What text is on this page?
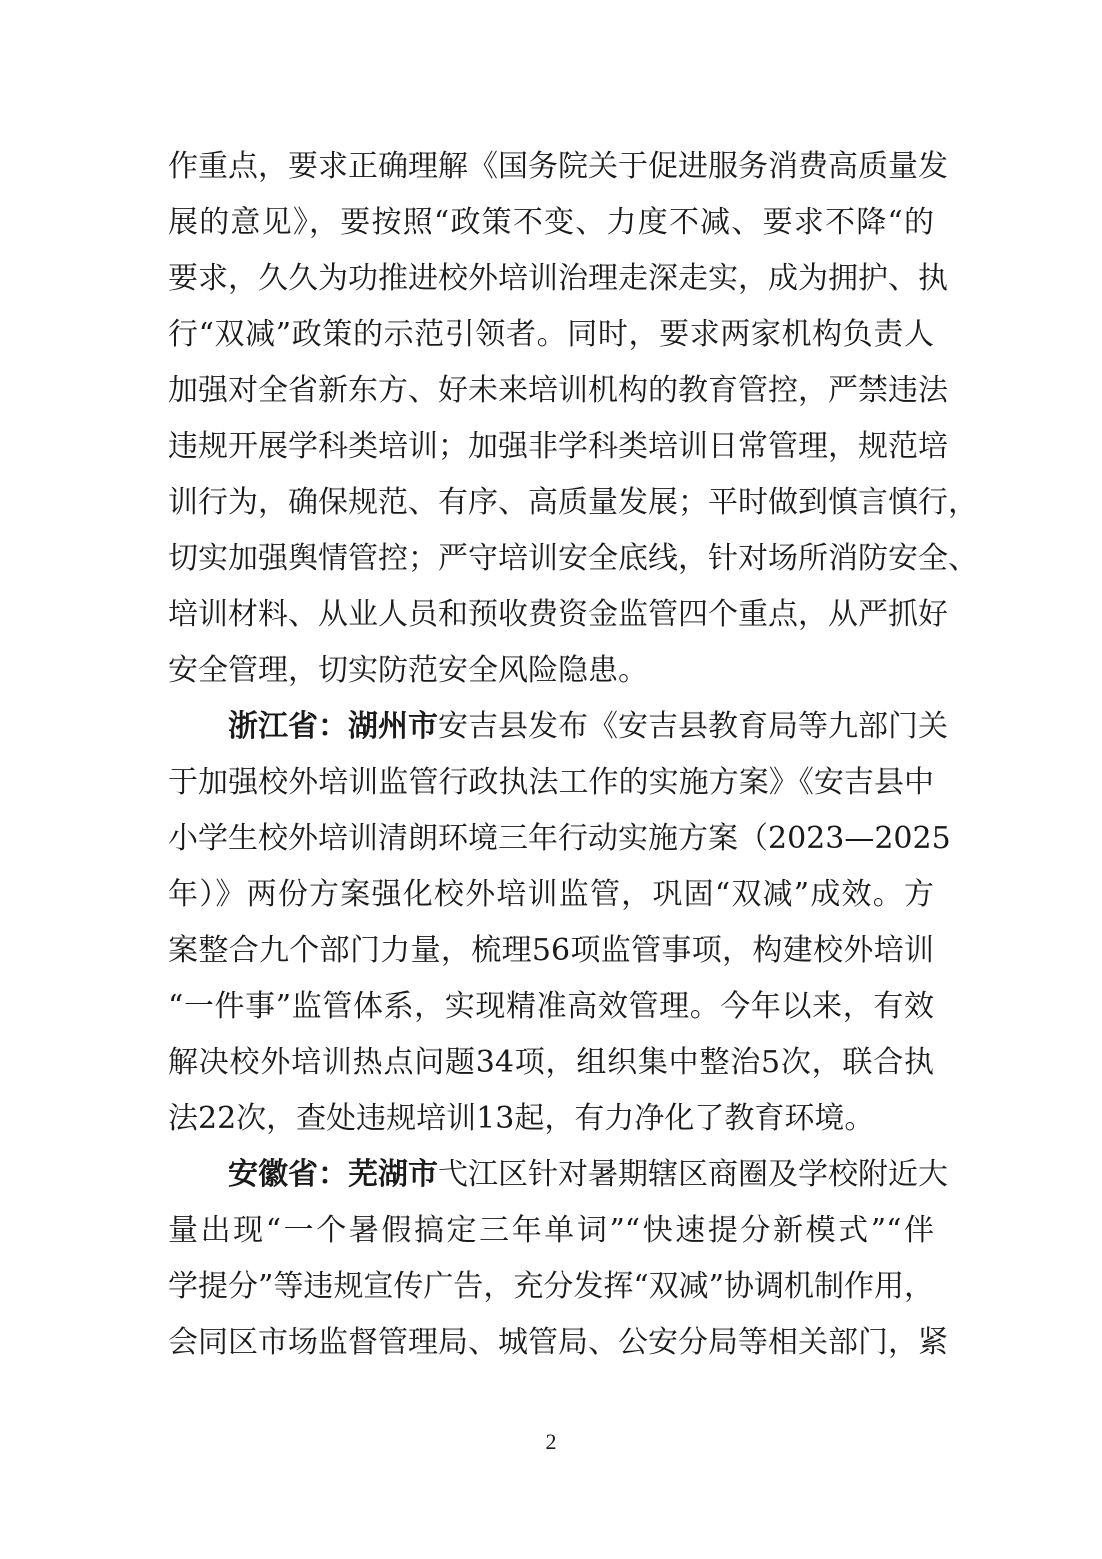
作重点，要求正确理解《国务院关于促进服务消费高质量发
展的意见》，要按照“政策不变、力度不减、要求不降“的
要求，久久为功推进校外培训治理走深走实，成为拥护、执
行“双减”政策的示范引领者。同时，要求两家机构负责人
加强对全省新东方、好未来培训机构的教育管控，严禁违法
违规开展学科类培训；加强非学科类培训日常管理，规范培
训行为，确保规范、有序、高质量发展；平时做到慎言慎行，
切实加强舆情管控；严守培训安全底线，针对场所消防安全、
培训材料、从业人员和预收费资金监管四个重点，从严抓好
安全管理，切实防范安全风险隐患。
浙江省：湖州市安吉县发布《安吉县教育局等九部门关
于加强校外培训监管行政执法工作的实施方案》《安吉县中
小学生校外培训清朗环境三年行动实施方案（2023—2025
年）》两份方案强化校外培训监管，巩固“双减”成效。方
案整合九个部门力量，梳理56项监管事项，构建校外培训
“一件事”监管体系，实现精准高效管理。今年以来，有效
解决校外培训热点问题34项，组织集中整治5次，联合执
法22次，查处违规培训13起，有力净化了教育环境。
安徽省：芜湖市弋江区针对暑期辖区商圈及学校附近大
量出现“一个暑假搞定三年单词”“快速提分新模式”“伴
学提分”等违规宣传广告，充分发挥“双减”协调机制作用，
会同区市场监督管理局、城管局、公安分局等相关部门，紧
2
